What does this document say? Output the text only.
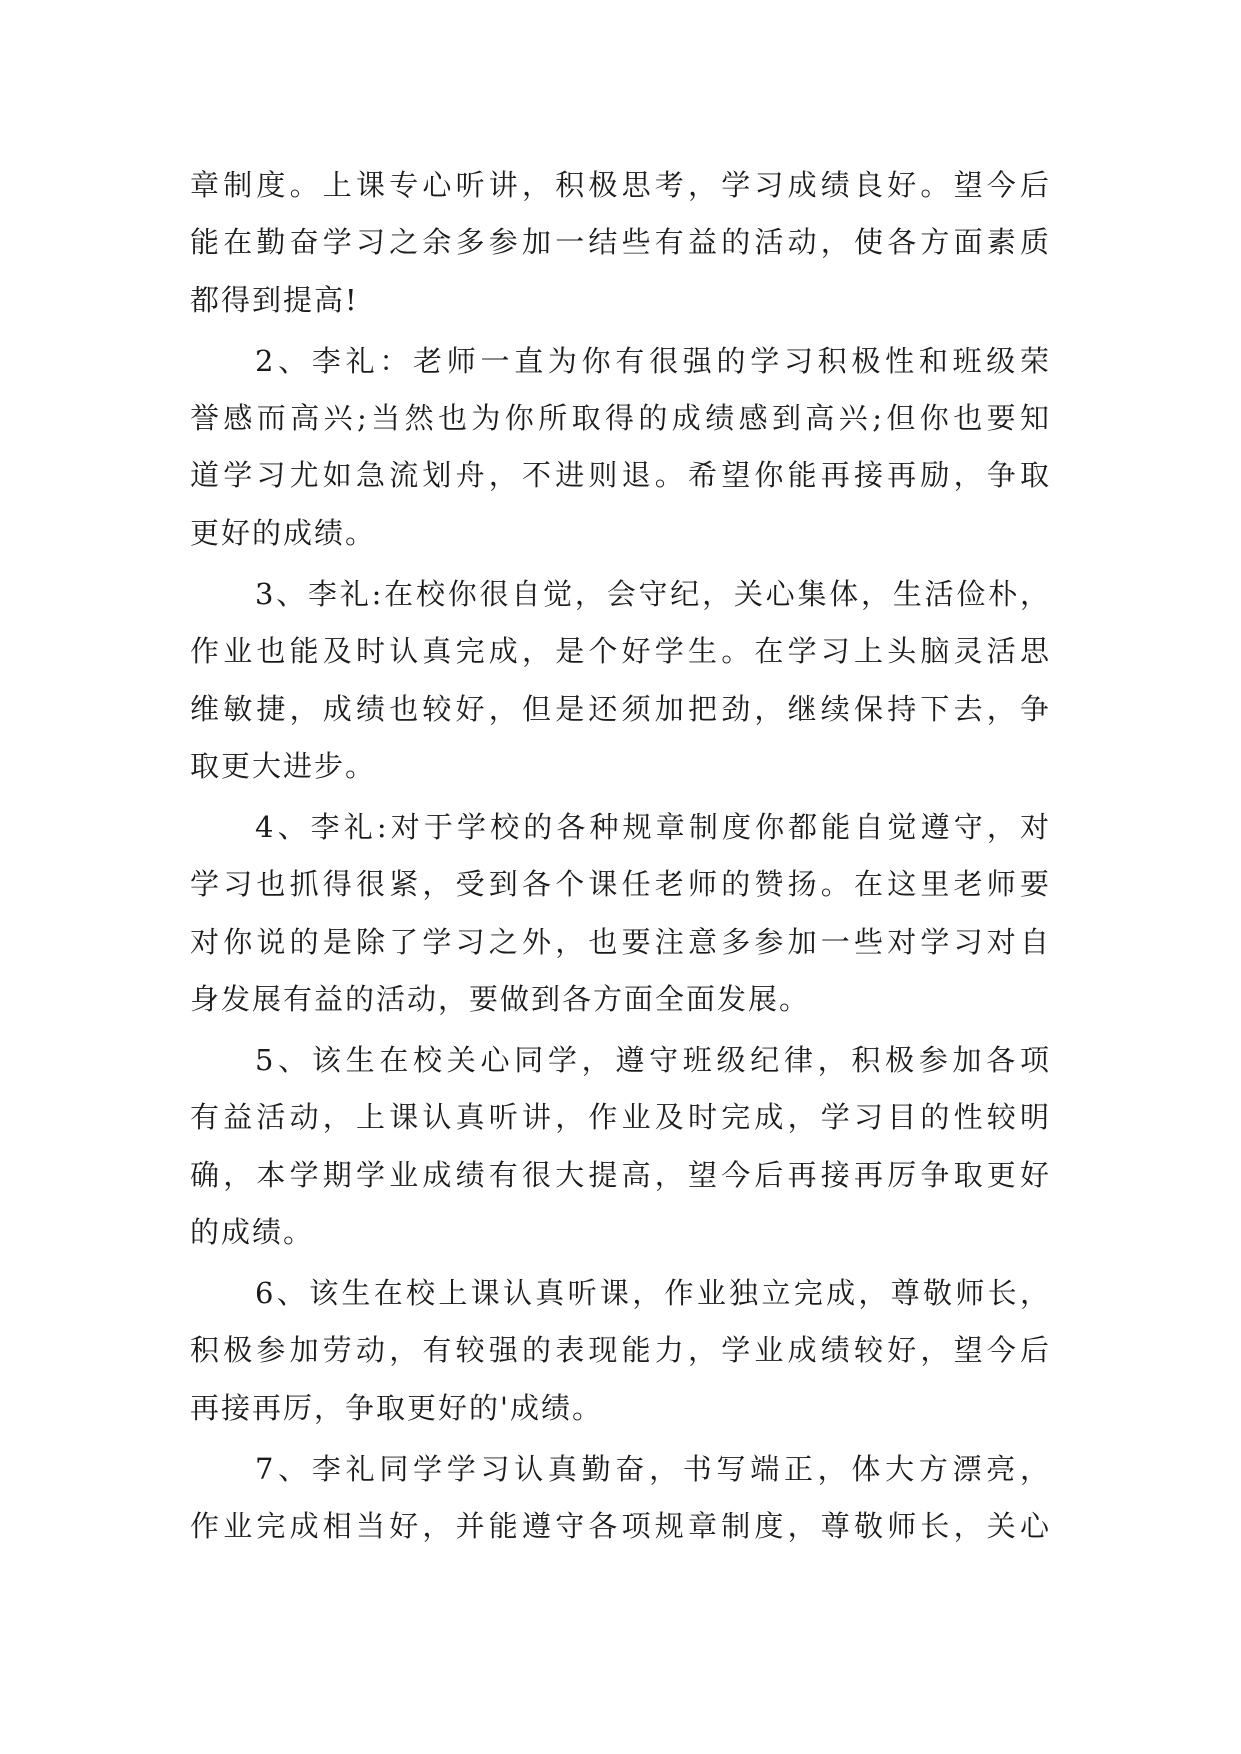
章制度。上课专心听讲，积极思考，学习成绩良好。望今后
能在勤奋学习之余多参加一结些有益的活动，使各方面素质
都得到提高!
2、李礼：老师一直为你有很强的学习积极性和班级荣
誉感而高兴;当然也为你所取得的成绩感到高兴;但你也要知
道学习尤如急流划舟，不进则退。希望你能再接再励，争取
更好的成绩。
3、李礼:在校你很自觉，会守纪，关心集体，生活俭朴，
作业也能及时认真完成，是个好学生。在学习上头脑灵活思
维敏捷，成绩也较好，但是还须加把劲，继续保持下去，争
取更大进步。
4、李礼:对于学校的各种规章制度你都能自觉遵守，对
学习也抓得很紧，受到各个课任老师的赞扬。在这里老师要
对你说的是除了学习之外，也要注意多参加一些对学习对自
身发展有益的活动，要做到各方面全面发展。
5、该生在校关心同学，遵守班级纪律，积极参加各项
有益活动，上课认真听讲，作业及时完成，学习目的性较明
确，本学期学业成绩有很大提高，望今后再接再厉争取更好
的成绩。
6、该生在校上课认真听课，作业独立完成，尊敬师长，
积极参加劳动，有较强的表现能力，学业成绩较好，望今后
再接再厉，争取更好的'成绩。
7、李礼同学学习认真勤奋，书写端正，体大方漂亮，
作业完成相当好，并能遵守各项规章制度，尊敬师长，关心
